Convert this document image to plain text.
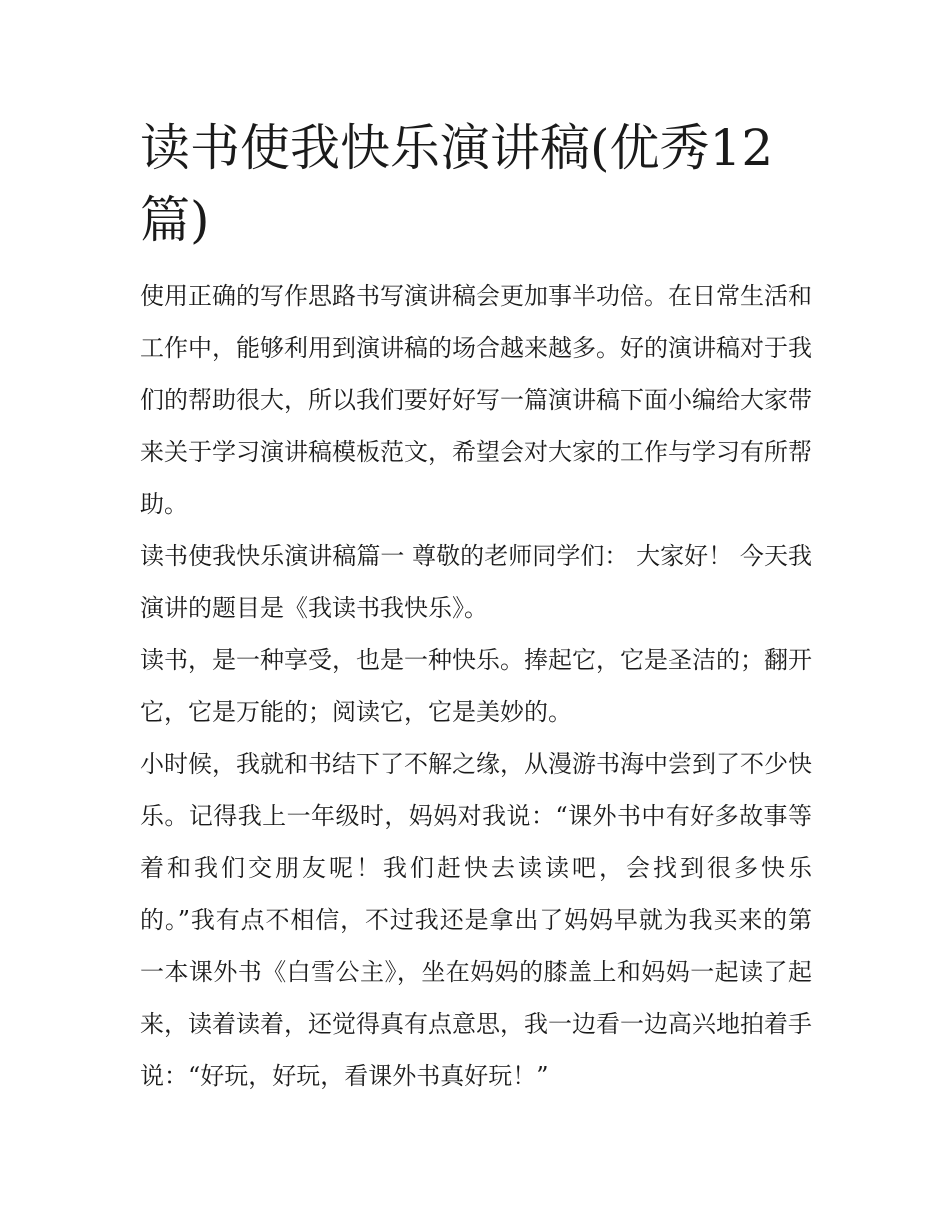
读书使我快乐演讲稿(优秀12篇)

使用正确的写作思路书写演讲稿会更加事半功倍。在日常生活和工作中，能够利用到演讲稿的场合越来越多。好的演讲稿对于我们的帮助很大，所以我们要好好写一篇演讲稿下面小编给大家带来关于学习演讲稿模板范文，希望会对大家的工作与学习有所帮助。

读书使我快乐演讲稿篇一 尊敬的老师同学们： 大家好！ 今天我演讲的题目是《我读书我快乐》。

读书，是一种享受，也是一种快乐。捧起它，它是圣洁的；翻开它，它是万能的；阅读它，它是美妙的。

小时候，我就和书结下了不解之缘，从漫游书海中尝到了不少快乐。记得我上一年级时，妈妈对我说：“课外书中有好多故事等着和我们交朋友呢！我们赶快去读读吧，会找到很多快乐的。”我有点不相信，不过我还是拿出了妈妈早就为我买来的第一本课外书《白雪公主》，坐在妈妈的膝盖上和妈妈一起读了起来，读着读着，还觉得真有点意思，我一边看一边高兴地拍着手说：“好玩，好玩，看课外书真好玩！”
